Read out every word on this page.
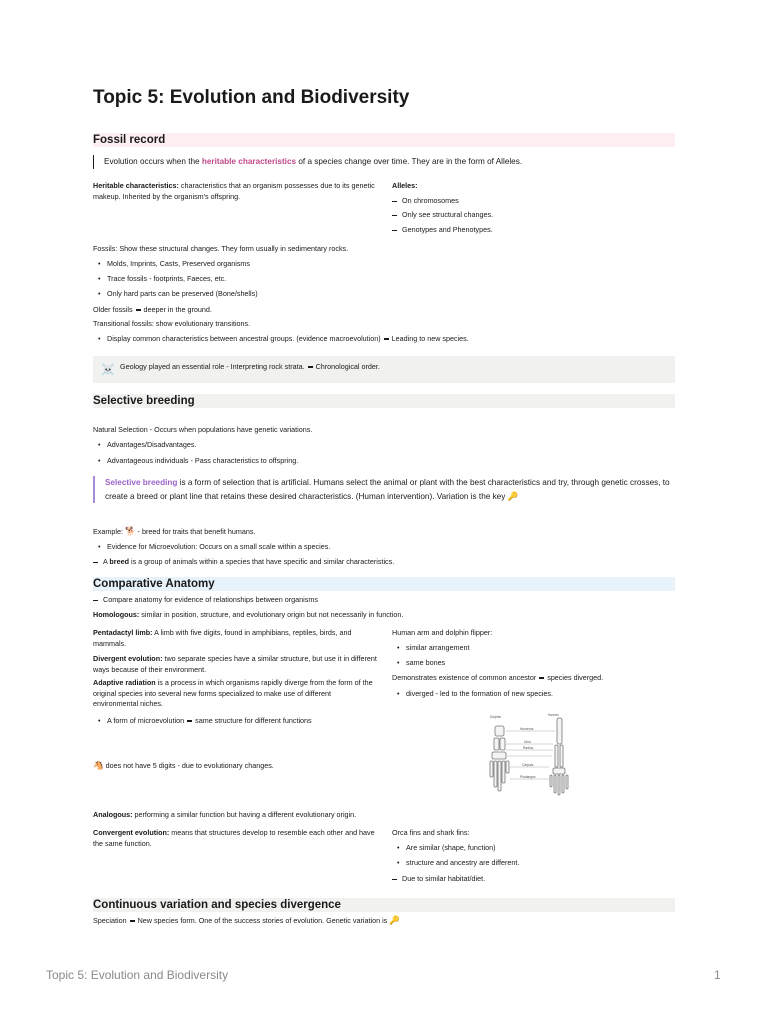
Topic 5: Evolution and Biodiversity
Fossil record
Evolution occurs when the heritable characteristics of a species change over time. They are in the form of Alleles.
Heritable characteristics: characteristics that an organism possesses due to its genetic makeup. Inherited by the organism's offspring.
Alleles:
On chromosomes
Only see structural changes.
Genotypes and Phenotypes.
Fossils: Show these structural changes. They form usually in sedimentary rocks.
• Molds, Imprints, Casts, Preserved organisms
• Trace fossils - footprints, Faeces, etc.
• Only hard parts can be preserved (Bone/shells)
Older fossils deeper in the ground.
Transitional fossils: show evolutionary transitions.
• Display common characteristics between ancestral groups. (evidence macroevolution) Leading to new species.
☠️ Geology played an essential role - Interpreting rock strata. Chronological order.
Selective breeding
Natural Selection - Occurs when populations have genetic variations.
• Advantages/Disadvantages.
• Advantageous individuals - Pass characteristics to offspring.
Selective breeding is a form of selection that is artificial. Humans select the animal or plant with the best characteristics and try, through genetic crosses, to create a breed or plant line that retains these desired characteristics. (Human intervention). Variation is the key 🔑
Example: 🐕 - breed for traits that benefit humans.
• Evidence for Microevolution: Occurs on a small scale within a species.
A breed is a group of animals within a species that have specific and similar characteristics.
Comparative Anatomy
Compare anatomy for evidence of relationships between organisms
Homologous: similar in position, structure, and evolutionary origin but not necessarily in function.
Pentadactyl limb: A limb with five digits, found in amphibians, reptiles, birds, and mammals.
Divergent evolution: two separate species have a similar structure, but use it in different ways because of their environment.
Adaptive radiation is a process in which organisms rapidly diverge from the form of the original species into several new forms specialized to make use of different environmental niches.
• A form of microevolution same structure for different functions
🐴 does not have 5 digits - due to evolutionary changes.
Human arm and dolphin flipper:
• similar arrangement
• same bones
Demonstrates existence of common ancestor species diverged.
• diverged - led to the formation of new species.
Dolphin	Human
Humerus
Ulna
Radius
Carpals
Phalanges
Analogous: performing a similar function but having a different evolutionary origin.
Convergent evolution: means that structures develop to resemble each other and have the same function.
Orca fins and shark fins:
• Are similar (shape, function)
• structure and ancestry are different.
Due to similar habitat/diet.
Continuous variation and species divergence
Speciation New species form. One of the success stories of evolution. Genetic variation is 🔑
Topic 5: Evolution and Biodiversity	1
